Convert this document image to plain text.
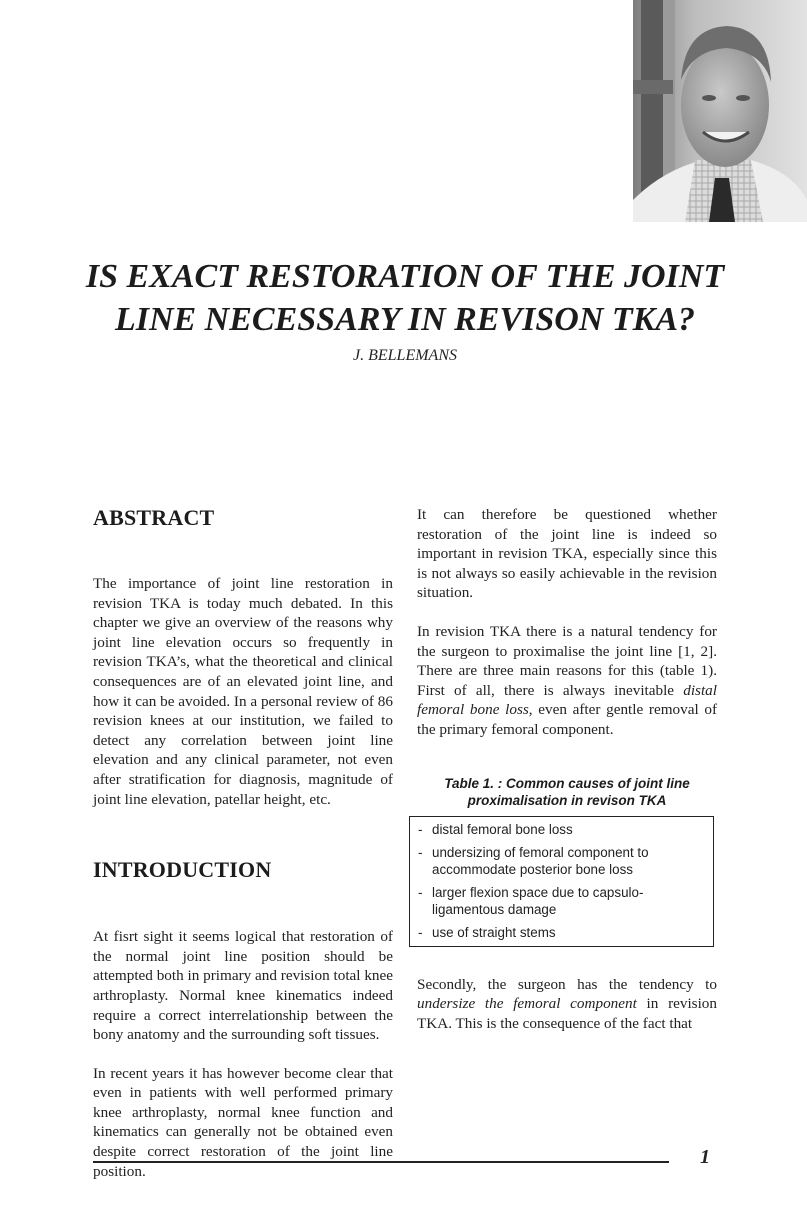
IS EXACT RESTORATION OF THE JOINT LINE NECESSARY IN REVISON TKA?
J. BELLEMANS
ABSTRACT

The importance of joint line restoration in revision TKA is today much debated. In this chapter we give an overview of the reasons why joint line elevation occurs so frequently in revision TKA’s, what the theoretical and clinical consequences are of an elevated joint line, and how it can be avoided. In a personal review of 86 revision knees at our institution, we failed to detect any correlation between joint line elevation and any clinical parameter, not even after stratification for diagnosis, magnitude of joint line elevation, patellar height, etc.

INTRODUCTION

At fisrt sight it seems logical that restoration of the normal joint line position should be attempted both in primary and revision total knee arthroplasty. Normal knee kinematics indeed require a correct interrelationship between the bony anatomy and the surrounding soft tissues.

In recent years it has however become clear that even in patients with well performed primary knee arthroplasty, normal knee function and kinematics can generally not be obtained even despite correct restoration of the joint line position.

It can therefore be questioned whether restoration of the joint line is indeed so important in revision TKA, especially since this is not always so easily achievable in the revision situation.

In revision TKA there is a natural tendency for the surgeon to proximalise the joint line [1, 2]. There are three main reasons for this (table 1). First of all, there is always inevitable distal femoral bone loss, even after gentle removal of the primary femoral component.

Table 1. : Common causes of joint line
proximalisation in revison TKA
- distal femoral bone loss
- undersizing of femoral component to accommodate posterior bone loss
- larger flexion space due to capsulo-ligamentous damage
- use of straight stems

Secondly, the surgeon has the tendency to undersize the femoral component in revision TKA. This is the consequence of the fact that

1
